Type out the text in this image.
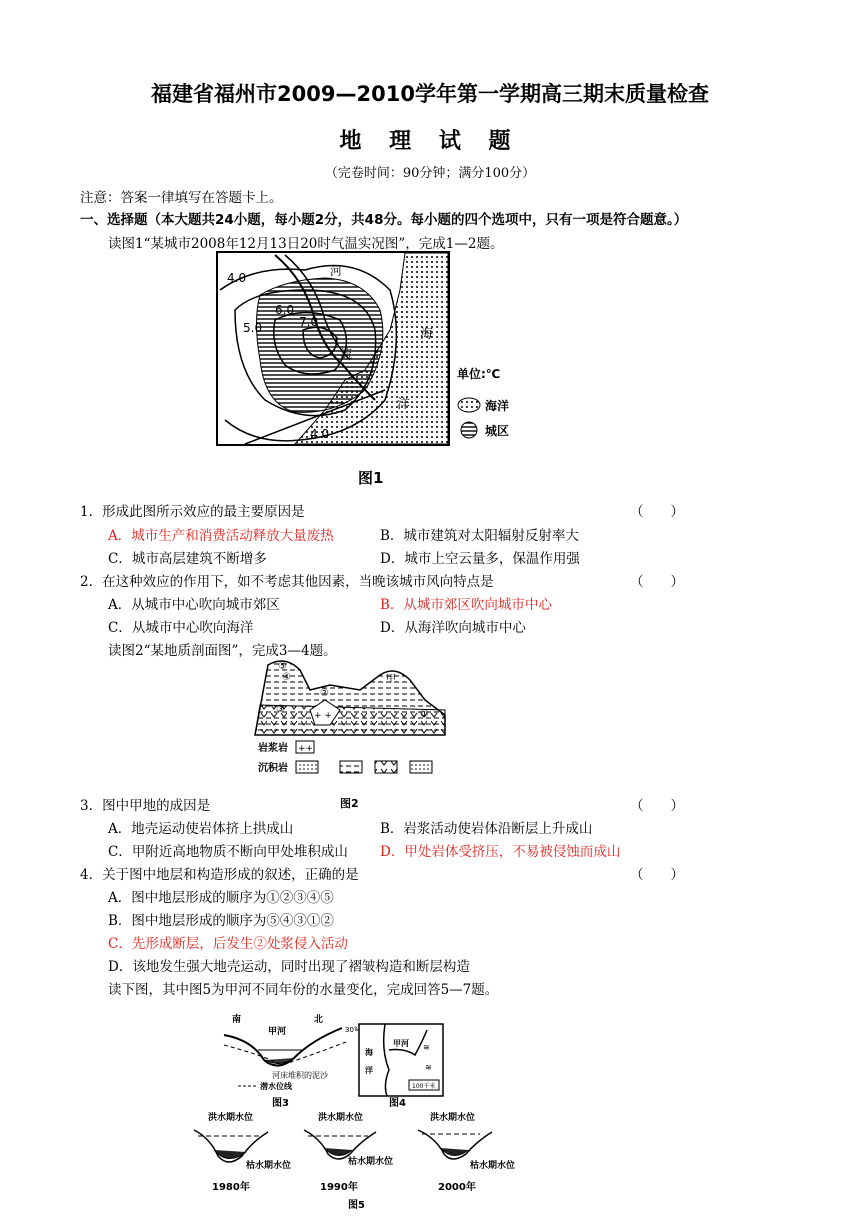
福建省福州市2009—2010学年第一学期高三期末质量检查
地 理 试 题
（完卷时间：90分钟；满分100分）
注意：答案一律填写在答题卡上。
一、选择题（本大题共24小题，每小题2分，共48分。每小题的四个选项中，只有一项是符合题意。）
读图1“某城市2008年12月13日20时气温实况图”，完成1—2题。
河
流
海
洋
4.0
5.0
6.0
7.0
4.0
单位:℃
海洋
城区
图1
1．形成此图所示效应的最主要原因是	（　　）
A．城市生产和消费活动释放大量废热	B．城市建筑对太阳辐射反射率大
C．城市高层建筑不断增多	D．城市上空云量多，保温作用强
2．在这种效应的作用下，如不考虑其他因素，当晚该城市风向特点是	（　　）
A．从城市中心吹向城市郊区	B．从城市郊区吹向城市中心
C．从城市中心吹向海洋	D．从海洋吹向城市中心
读图2“某地质剖面图”，完成3—4题。
+ +
⑤
④
③
②
①
甲
岩浆岩 ++
沉积岩
图2
3．图中甲地的成因是	（　　）
A．地壳运动使岩体挤上拱成山	B．岩浆活动使岩体沿断层上升成山
C．甲附近高地物质不断向甲处堆积成山 D．甲处岩体受挤压，不易被侵蚀而成山
4．关于图中地层和构造形成的叙述，正确的是	（　　）
A．图中地层形成的顺序为①②③④⑤
B．图中地层形成的顺序为⑤④③①②
C．先形成断层，后发生②处浆侵入活动
D．该地发生强大地壳运动，同时出现了褶皱构造和断层构造
读下图，其中图5为甲河不同年份的水量变化，完成回答5—7题。
南	北
甲河
河床堆积的泥沙
潜水位线
图3
30°
≋
≋
海
洋
甲河
100千米
图4
洪水期水位
枯水期水位
1980年
洪水期水位
枯水期水位
1990年
洪水期水位
枯水期水位
2000年
图5
